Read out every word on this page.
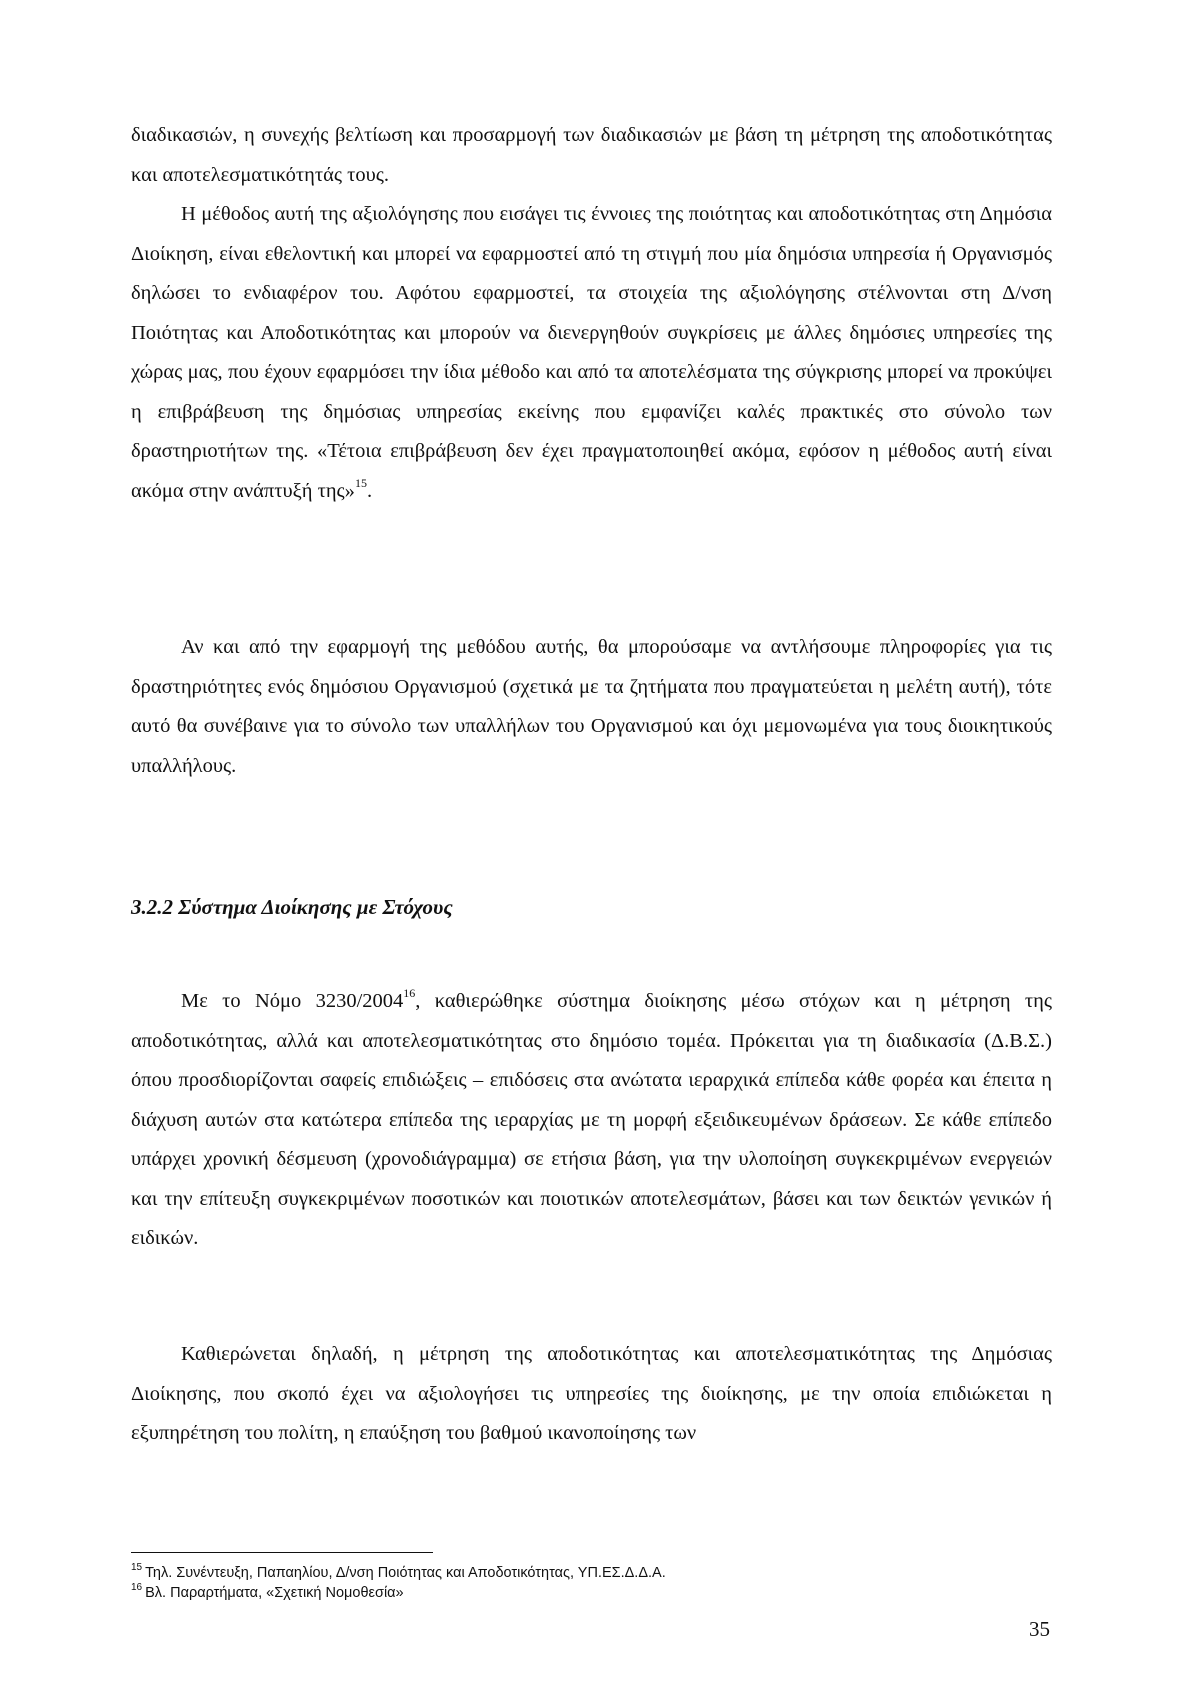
διαδικασιών, η συνεχής βελτίωση και προσαρμογή των διαδικασιών με βάση τη μέτρηση της αποδοτικότητας και αποτελεσματικότητάς τους.

Η μέθοδος αυτή της αξιολόγησης που εισάγει τις έννοιες της ποιότητας και αποδοτικότητας στη Δημόσια Διοίκηση, είναι εθελοντική και μπορεί να εφαρμοστεί από τη στιγμή που μία δημόσια υπηρεσία ή Οργανισμός δηλώσει το ενδιαφέρον του. Αφότου εφαρμοστεί, τα στοιχεία της αξιολόγησης στέλνονται στη Δ/νση Ποιότητας και Αποδοτικότητας και μπορούν να διενεργηθούν συγκρίσεις με άλλες δημόσιες υπηρεσίες της χώρας μας, που έχουν εφαρμόσει την ίδια μέθοδο και από τα αποτελέσματα της σύγκρισης μπορεί να προκύψει η επιβράβευση της δημόσιας υπηρεσίας εκείνης που εμφανίζει καλές πρακτικές στο σύνολο των δραστηριοτήτων της. «Τέτοια επιβράβευση δεν έχει πραγματοποιηθεί ακόμα, εφόσον η μέθοδος αυτή είναι ακόμα στην ανάπτυξή της»$^{15}$.

Αν και από την εφαρμογή της μεθόδου αυτής, θα μπορούσαμε να αντλήσουμε πληροφορίες για τις δραστηριότητες ενός δημόσιου Οργανισμού (σχετικά με τα ζητήματα που πραγματεύεται η μελέτη αυτή), τότε αυτό θα συνέβαινε για το σύνολο των υπαλλήλων του Οργανισμού και όχι μεμονωμένα για τους διοικητικούς υπαλλήλους.

3.2.2 Σύστημα Διοίκησης με Στόχους

Με το Νόμο 3230/2004$^{16}$, καθιερώθηκε σύστημα διοίκησης μέσω στόχων και η μέτρηση της αποδοτικότητας, αλλά και αποτελεσματικότητας στο δημόσιο τομέα. Πρόκειται για τη διαδικασία (Δ.Β.Σ.) όπου προσδιορίζονται σαφείς επιδιώξεις – επιδόσεις στα ανώτατα ιεραρχικά επίπεδα κάθε φορέα και έπειτα η διάχυση αυτών στα κατώτερα επίπεδα της ιεραρχίας με τη μορφή εξειδικευμένων δράσεων. Σε κάθε επίπεδο υπάρχει χρονική δέσμευση (χρονοδιάγραμμα) σε ετήσια βάση, για την υλοποίηση συγκεκριμένων ενεργειών και την επίτευξη συγκεκριμένων ποσοτικών και ποιοτικών αποτελεσμάτων, βάσει και των δεικτών γενικών ή ειδικών.

Καθιερώνεται δηλαδή, η μέτρηση της αποδοτικότητας και αποτελεσματικότητας της Δημόσιας Διοίκησης, που σκοπό έχει να αξιολογήσει τις υπηρεσίες της διοίκησης, με την οποία επιδιώκεται η εξυπηρέτηση του πολίτη, η επαύξηση του βαθμού ικανοποίησης των

$^{15}$ Τηλ. Συνέντευξη, Παπαηλίου, Δ/νση Ποιότητας και Αποδοτικότητας, ΥΠ.ΕΣ.Δ.Δ.Α.

$^{16}$ Βλ. Παραρτήματα, «Σχετική Νομοθεσία»

35
